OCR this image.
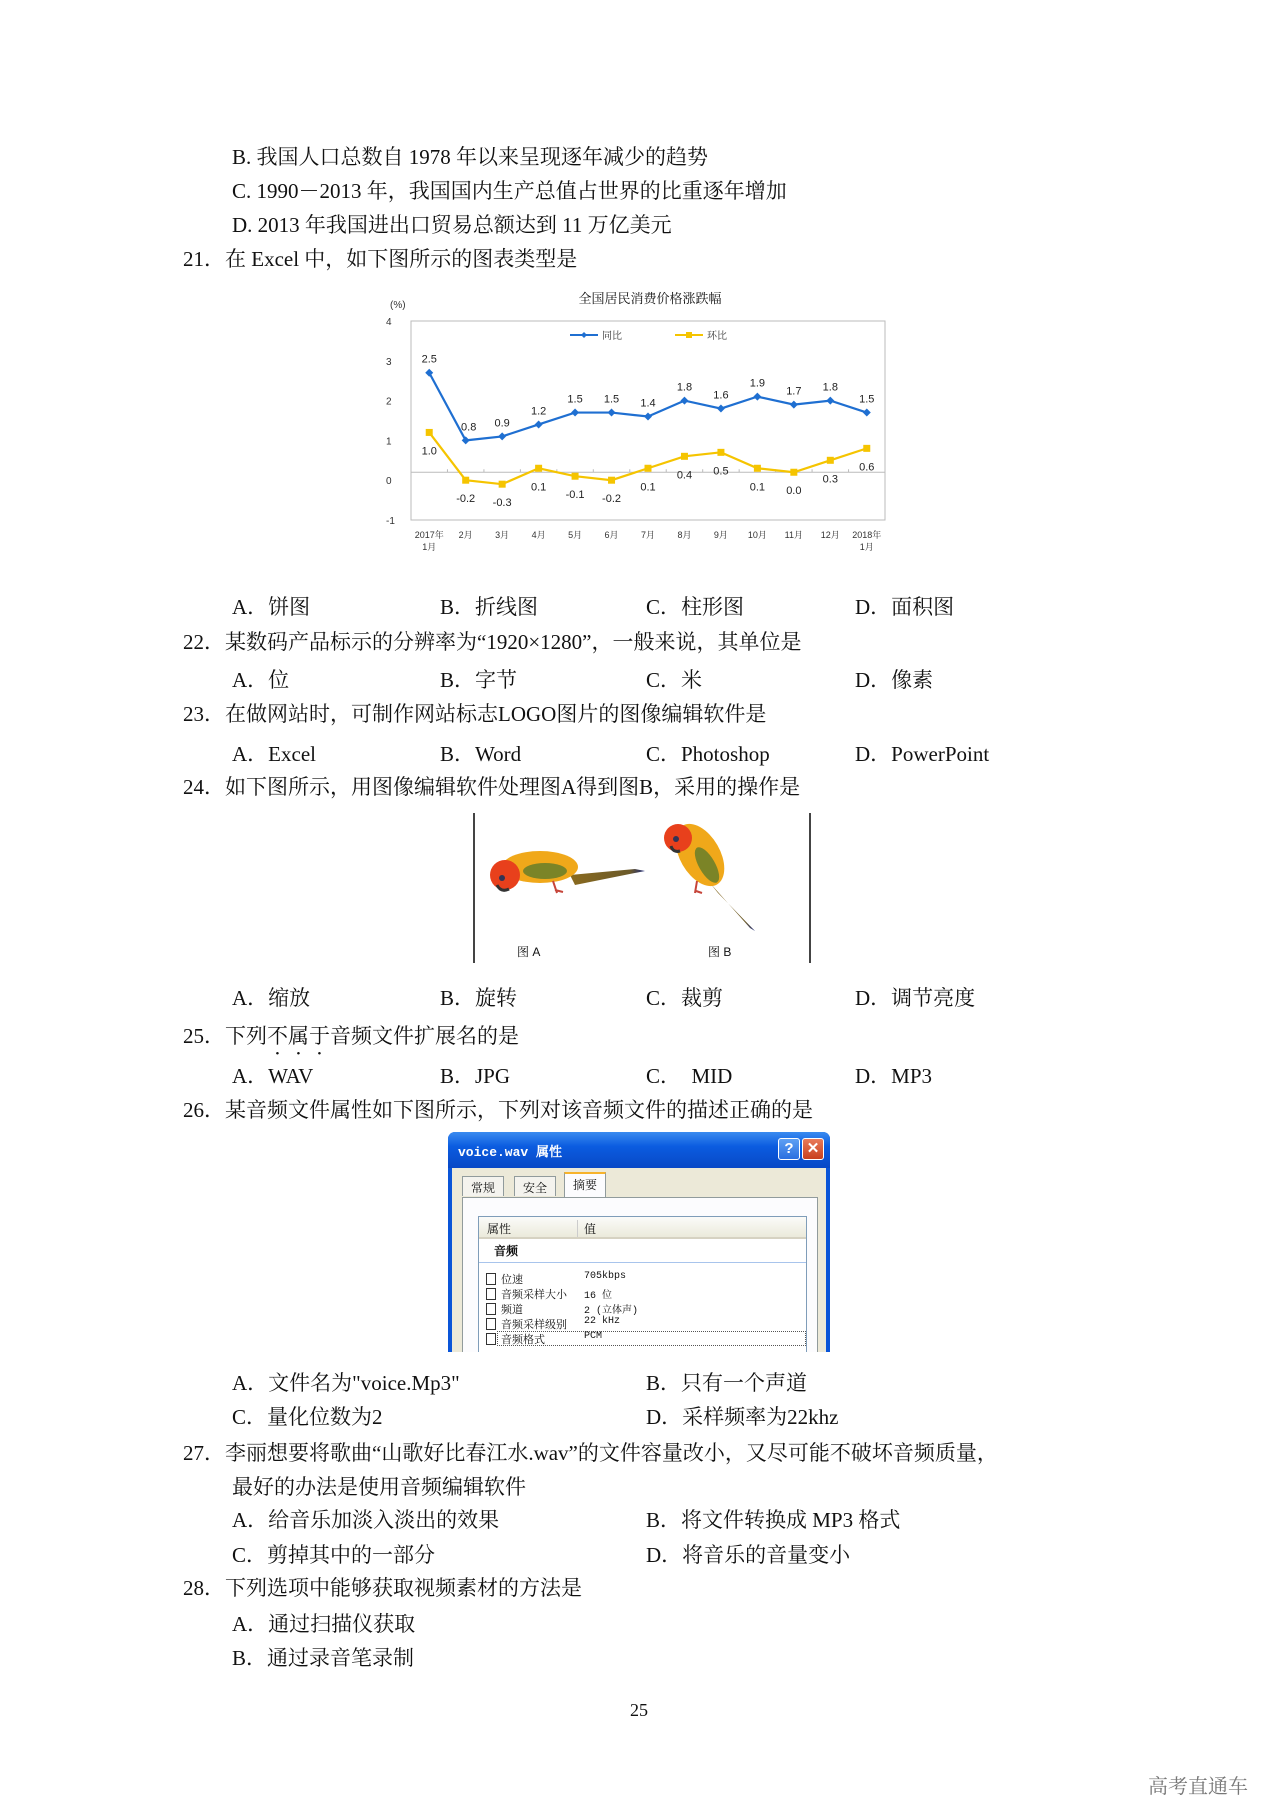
B. 我国人口总数自 1978 年以来呈现逐年减少的趋势
C. 1990－2013 年，我国国内生产总值占世界的比重逐年增加
D. 2013 年我国进出口贸易总额达到 11 万亿美元
21．在 Excel 中，如下图所示的图表类型是
全国居民消费价格涨跌幅
(%)
4
3
2
1
0
-1
2017年
1月
2月 3月 4月 5月 6月 7月 8月 9月 10月 11月 12月 2018年
1月
2.5
0.8 0.9
1.2
1.5 1.5 1.4
1.8
1.6
1.9
1.7 1.8
1.5
1.0
-0.2 -0.3
0.1
-0.1 -0.2
0.1
0.4 0.5
0.1 0.0
0.3
0.6
同比	环比
A．饼图	B．折线图	C．柱形图	D．面积图
22．某数码产品标示的分辨率为“1920×1280”，一般来说，其单位是
A．位	B．字节	C．米	D．像素
23．在做网站时，可制作网站标志LOGO图片的图像编辑软件是
A．Excel	B．Word	C．Photoshop	D．PowerPoint
24．如下图所示，用图像编辑软件处理图A得到图B，采用的操作是
图 A	图 B
A．缩放	B．旋转	C．裁剪	D．调节亮度
25．下列不属于音频文件扩展名的是
A．WAV	B．JPG	C．  MID	D．MP3
26．某音频文件属性如下图所示，下列对该音频文件的描述正确的是
voice.wav 属性	? ✕
常规	安全	摘要
属性	值
音频
位速	705kbps
音频采样大小 16 位
频道	2 (立体声)
音频采样级别 22 kHz
音频格式	PCM
A．文件名为"voice.Mp3"	B．只有一个声道
C．量化位数为2	D．采样频率为22khz
27．李丽想要将歌曲“山歌好比春江水.wav”的文件容量改小，又尽可能不破坏音频质量，
最好的办法是使用音频编辑软件
A．给音乐加淡入淡出的效果	B．将文件转换成 MP3 格式
C．剪掉其中的一部分	D．将音乐的音量变小
28．下列选项中能够获取视频素材的方法是
A．通过扫描仪获取
B．通过录音笔录制
25
高考直通车
